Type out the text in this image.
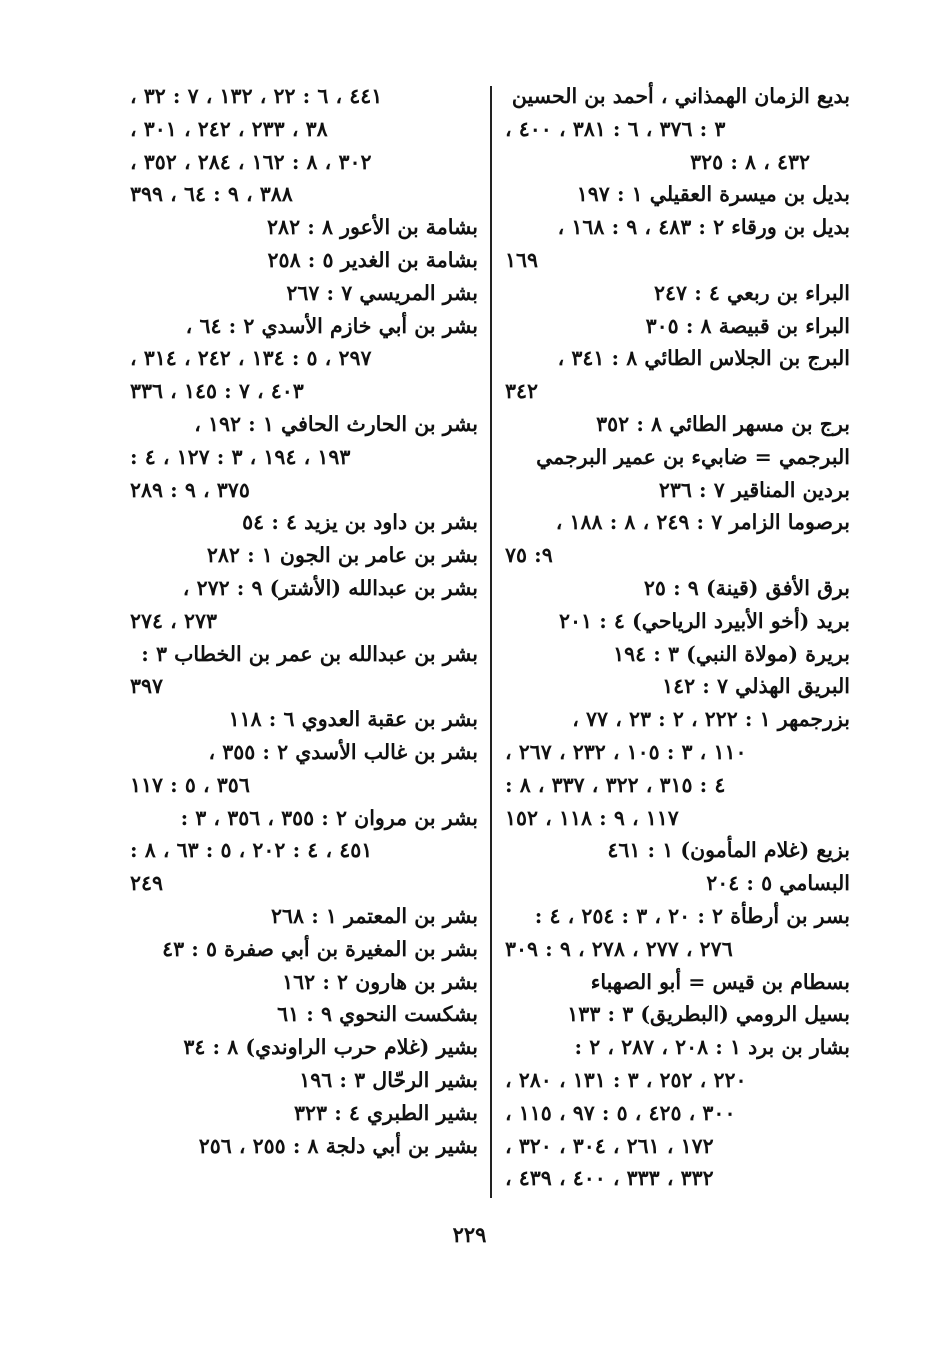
بديع الزمان الهمذاني ، أحمد بن الحسين
٣ : ٣٧٦ ، ٦ : ٣٨١ ، ٤٠٠ ،
٤٣٢ ، ٨ : ٣٢٥
بديل بن ميسرة العقيلي ١ : ١٩٧
بديل بن ورقاء ٢ : ٤٨٣ ، ٩ : ١٦٨ ،
١٦٩
البراء بن ربعي ٤ : ٢٤٧
البراء بن قبيصة ٨ : ٣٠٥
البرج بن الجلاس الطائي ٨ : ٣٤١ ،
٣٤٢
برج بن مسهر الطائي ٨ : ٣٥٢
البرجمي = ضابيء بن عمير البرجمي
بردين المناقير ٧ : ٢٣٦
برصوما الزامر ٧ : ٢٤٩ ، ٨ : ١٨٨ ،
٩: ٧٥
برق الأفق (قينة) ٩ : ٢٥
بريد (أخو الأبيرد الرياحي) ٤ : ٢٠١
بريرة (مولاة النبي) ٣ : ١٩٤
البريق الهذلي ٧ : ١٤٢
بزرجمهر ١ : ٢٢٢ ، ٢ : ٢٣ ، ٧٧ ،
١١٠ ، ٣ : ١٠٥ ، ٢٣٢ ، ٢٦٧ ،
٤ : ٣١٥ ، ٣٢٢ ، ٣٣٧ ، ٨ :
١١٧ ، ٩ : ١١٨ ، ١٥٢
بزيع (غلام المأمون) ١ : ٤٦١
البسامي ٥ : ٢٠٤
بسر بن أرطأة ٢ : ٢٠ ، ٣ : ٢٥٤ ، ٤ :
٢٧٦ ، ٢٧٧ ، ٢٧٨ ، ٩ : ٣٠٩
بسطام بن قيس = أبو الصهباء
بسيل الرومي (البطريق) ٣ : ١٣٣
بشار بن برد ١ : ٢٠٨ ، ٢٨٧ ، ٢ :
٢٢٠ ، ٢٥٢ ، ٣ : ١٣١ ، ٢٨٠ ،
٣٠٠ ، ٤٢٥ ، ٥ : ٩٧ ، ١١٥ ،
١٧٢ ، ٢٦١ ، ٣٠٤ ، ٣٢٠ ،
٣٣٢ ، ٣٣٣ ، ٤٠٠ ، ٤٣٩ ،
٤٤١ ، ٦ : ٢٢ ، ١٣٢ ، ٧ : ٣٢ ،
٣٨ ، ٢٣٣ ، ٢٤٢ ، ٣٠١ ،
٣٠٢ ، ٨ : ١٦٢ ، ٢٨٤ ، ٣٥٢ ،
٣٨٨ ، ٩ : ٦٤ ، ٣٩٩
بشامة بن الأعور ٨ : ٢٨٢
بشامة بن الغدير ٥ : ٢٥٨
بشر المريسي ٧ : ٢٦٧
بشر بن أبي خازم الأسدي ٢ : ٦٤ ،
٢٩٧ ، ٥ : ١٣٤ ، ٢٤٢ ، ٣١٤ ،
٤٠٣ ، ٧ : ١٤٥ ، ٣٣٦
بشر بن الحارث الحافي ١ : ١٩٢ ،
١٩٣ ، ١٩٤ ، ٣ : ١٢٧ ، ٤ :
٣٧٥ ، ٩ : ٢٨٩
بشر بن داود بن يزيد ٤ : ٥٤
بشر بن عامر بن الجون ١ : ٢٨٢
بشر بن عبدالله (الأشتر) ٩ : ٢٧٢ ،
٢٧٣ ، ٢٧٤
بشر بن عبدالله بن عمر بن الخطاب ٣ :
٣٩٧
بشر بن عقبة العدوي ٦ : ١١٨
بشر بن غالب الأسدي ٢ : ٣٥٥ ،
٣٥٦ ، ٥ : ١١٧
بشر بن مروان ٢ : ٣٥٥ ، ٣٥٦ ، ٣ :
٤٥١ ، ٤ : ٢٠٢ ، ٥ : ٦٣ ، ٨ :
٢٤٩
بشر بن المعتمر ١ : ٢٦٨
بشر بن المغيرة بن أبي صفرة ٥ : ٤٣
بشر بن هارون ٢ : ١٦٢
بشكست النحوي ٩ : ٦١
بشير (غلام حرب الراوندي) ٨ : ٣٤
بشير الرحّال ٣ : ١٩٦
بشير الطبري ٤ : ٣٢٣
بشير بن أبي دلجة ٨ : ٢٥٥ ، ٢٥٦
٢٢٩
